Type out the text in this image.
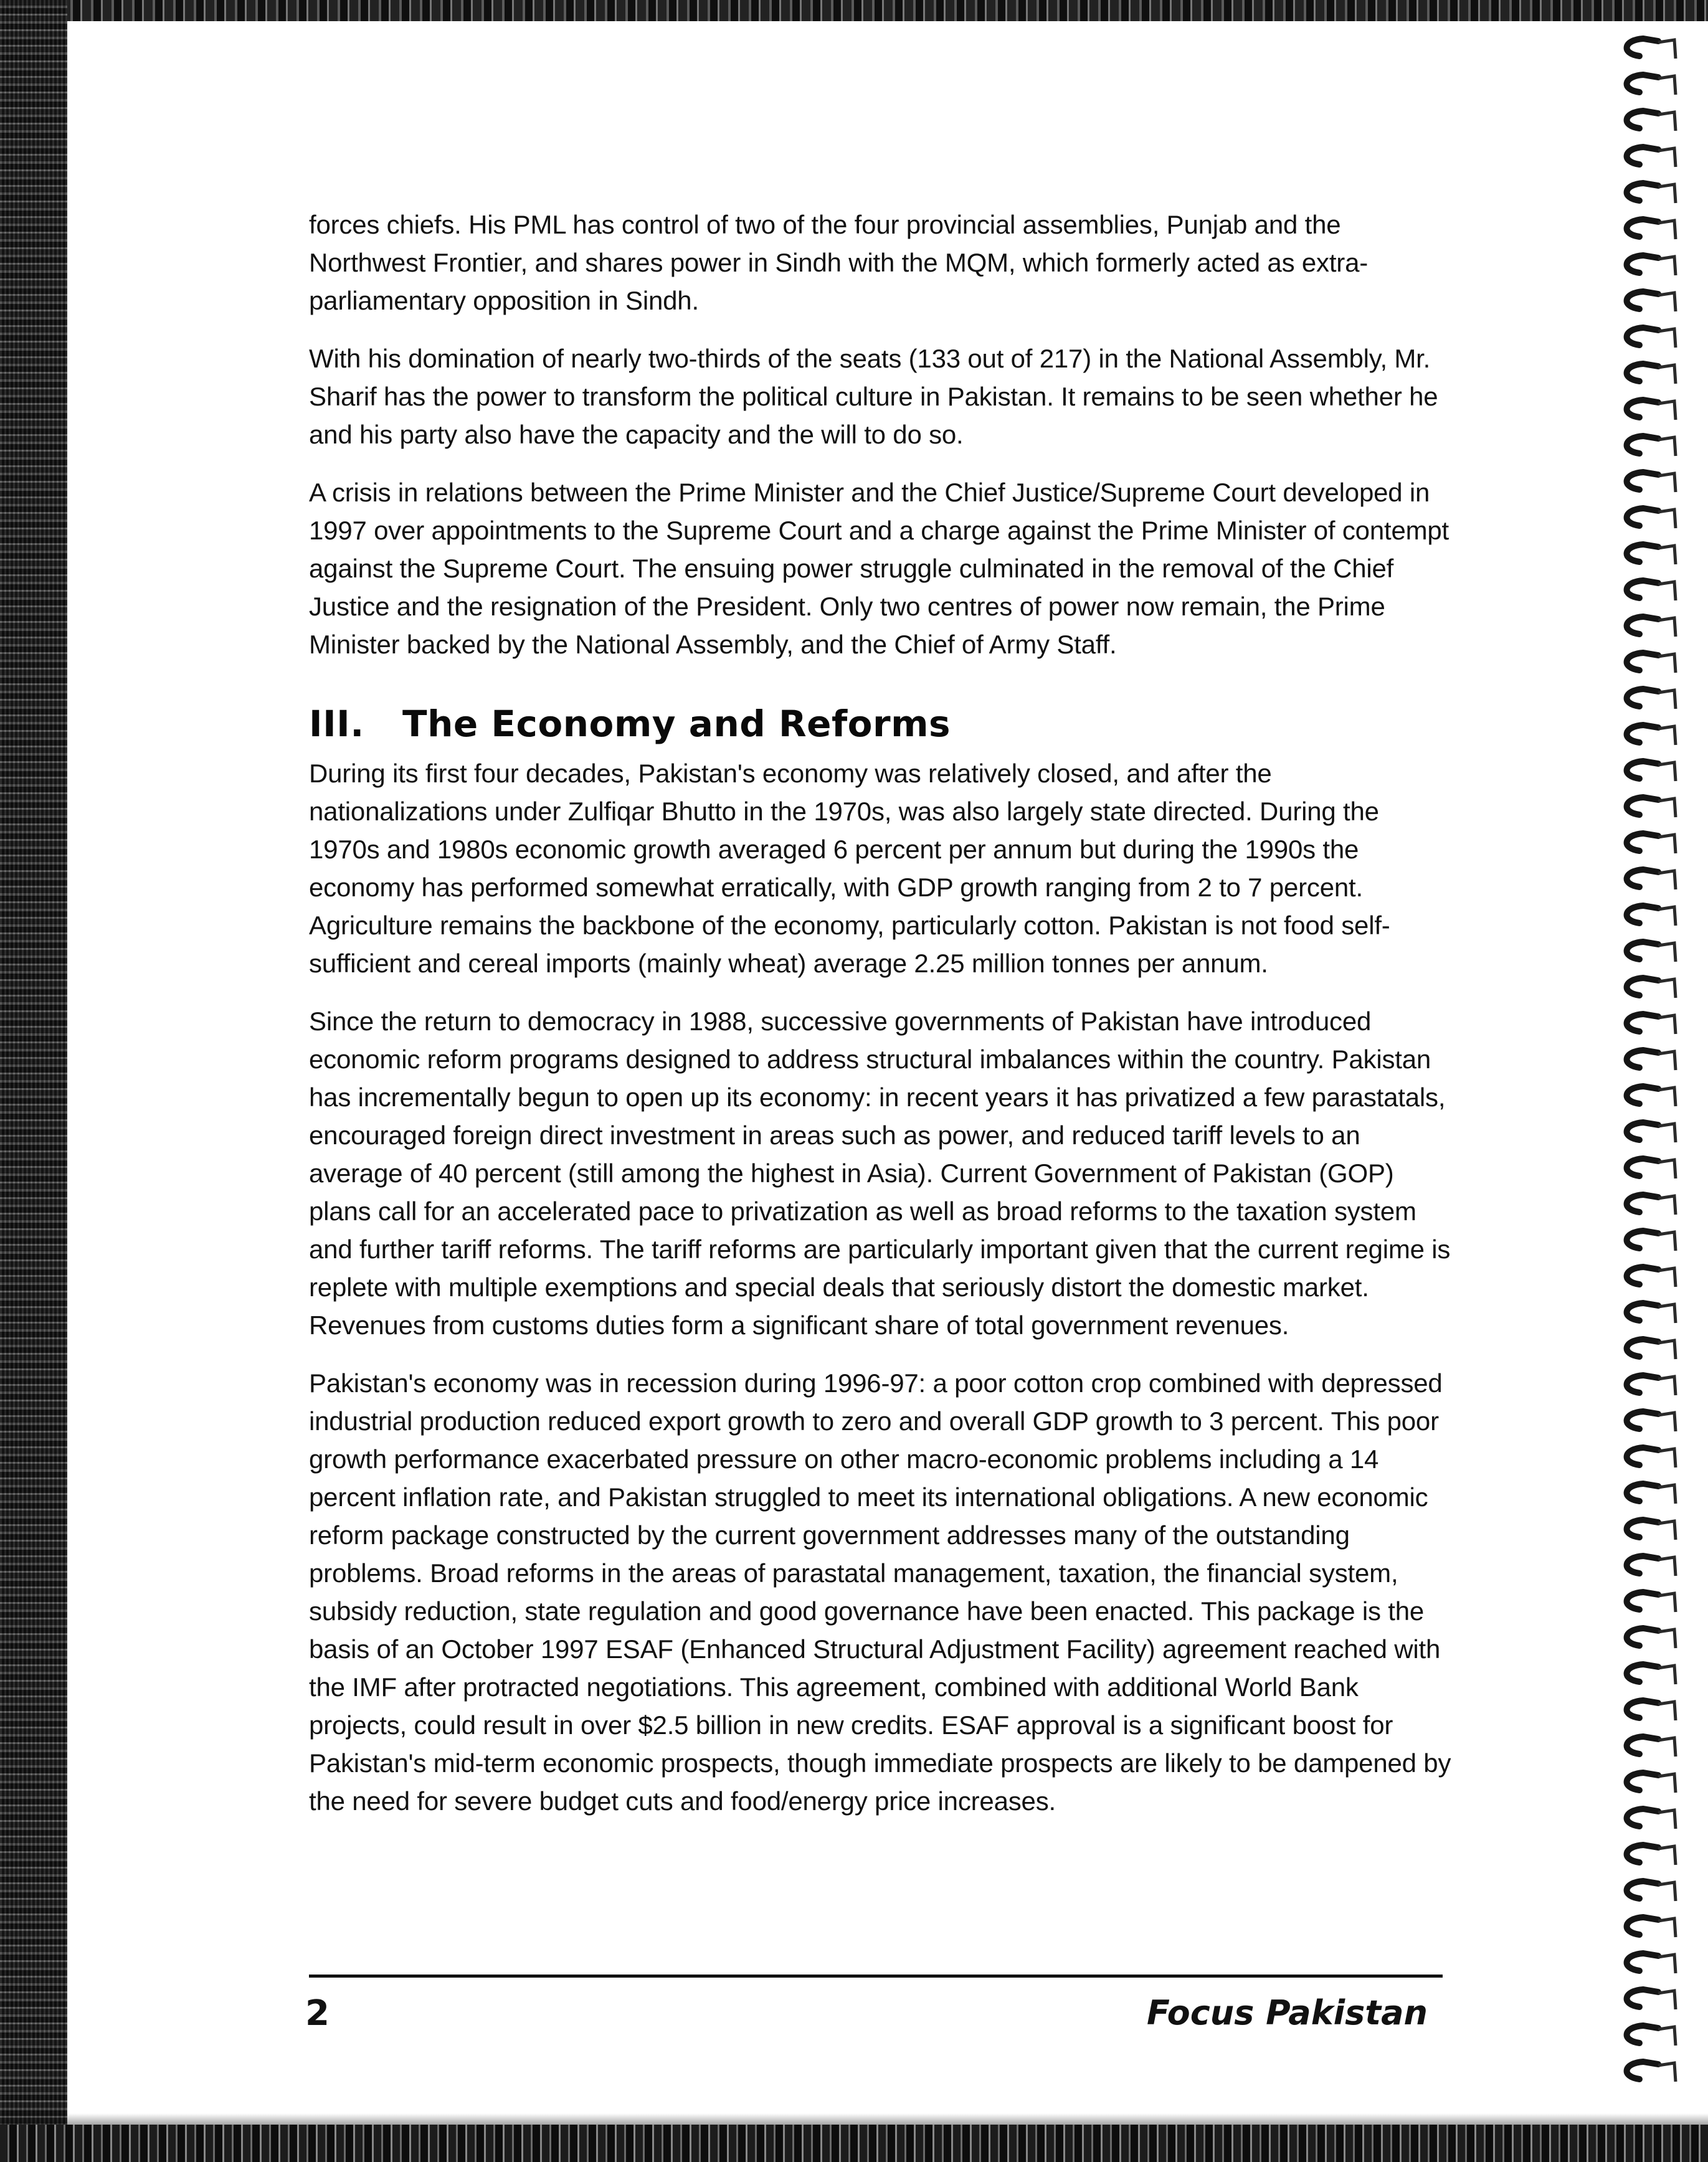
forces chiefs. His PML has control of two of the four provincial assemblies, Punjab and the Northwest Frontier, and shares power in Sindh with the MQM, which formerly acted as extra-parliamentary opposition in Sindh.

With his domination of nearly two-thirds of the seats (133 out of 217) in the National Assembly, Mr. Sharif has the power to transform the political culture in Pakistan. It remains to be seen whether he and his party also have the capacity and the will to do so.

A crisis in relations between the Prime Minister and the Chief Justice/Supreme Court developed in 1997 over appointments to the Supreme Court and a charge against the Prime Minister of contempt against the Supreme Court. The ensuing power struggle culminated in the removal of the Chief Justice and the resignation of the President. Only two centres of power now remain, the Prime Minister backed by the National Assembly, and the Chief of Army Staff.

III. The Economy and Reforms

During its first four decades, Pakistan's economy was relatively closed, and after the nationalizations under Zulfiqar Bhutto in the 1970s, was also largely state directed. During the 1970s and 1980s economic growth averaged 6 percent per annum but during the 1990s the economy has performed somewhat erratically, with GDP growth ranging from 2 to 7 percent. Agriculture remains the backbone of the economy, particularly cotton. Pakistan is not food self-sufficient and cereal imports (mainly wheat) average 2.25 million tonnes per annum.

Since the return to democracy in 1988, successive governments of Pakistan have introduced economic reform programs designed to address structural imbalances within the country. Pakistan has incrementally begun to open up its economy: in recent years it has privatized a few parastatals, encouraged foreign direct investment in areas such as power, and reduced tariff levels to an average of 40 percent (still among the highest in Asia). Current Government of Pakistan (GOP) plans call for an accelerated pace to privatization as well as broad reforms to the taxation system and further tariff reforms. The tariff reforms are particularly important given that the current regime is replete with multiple exemptions and special deals that seriously distort the domestic market. Revenues from customs duties form a significant share of total government revenues.

Pakistan's economy was in recession during 1996-97: a poor cotton crop combined with depressed industrial production reduced export growth to zero and overall GDP growth to 3 percent. This poor growth performance exacerbated pressure on other macro-economic problems including a 14 percent inflation rate, and Pakistan struggled to meet its international obligations. A new economic reform package constructed by the current government addresses many of the outstanding problems. Broad reforms in the areas of parastatal management, taxation, the financial system, subsidy reduction, state regulation and good governance have been enacted. This package is the basis of an October 1997 ESAF (Enhanced Structural Adjustment Facility) agreement reached with the IMF after protracted negotiations. This agreement, combined with additional World Bank projects, could result in over $2.5 billion in new credits. ESAF approval is a significant boost for Pakistan's mid-term economic prospects, though immediate prospects are likely to be dampened by the need for severe budget cuts and food/energy price increases.

2	Focus Pakistan
